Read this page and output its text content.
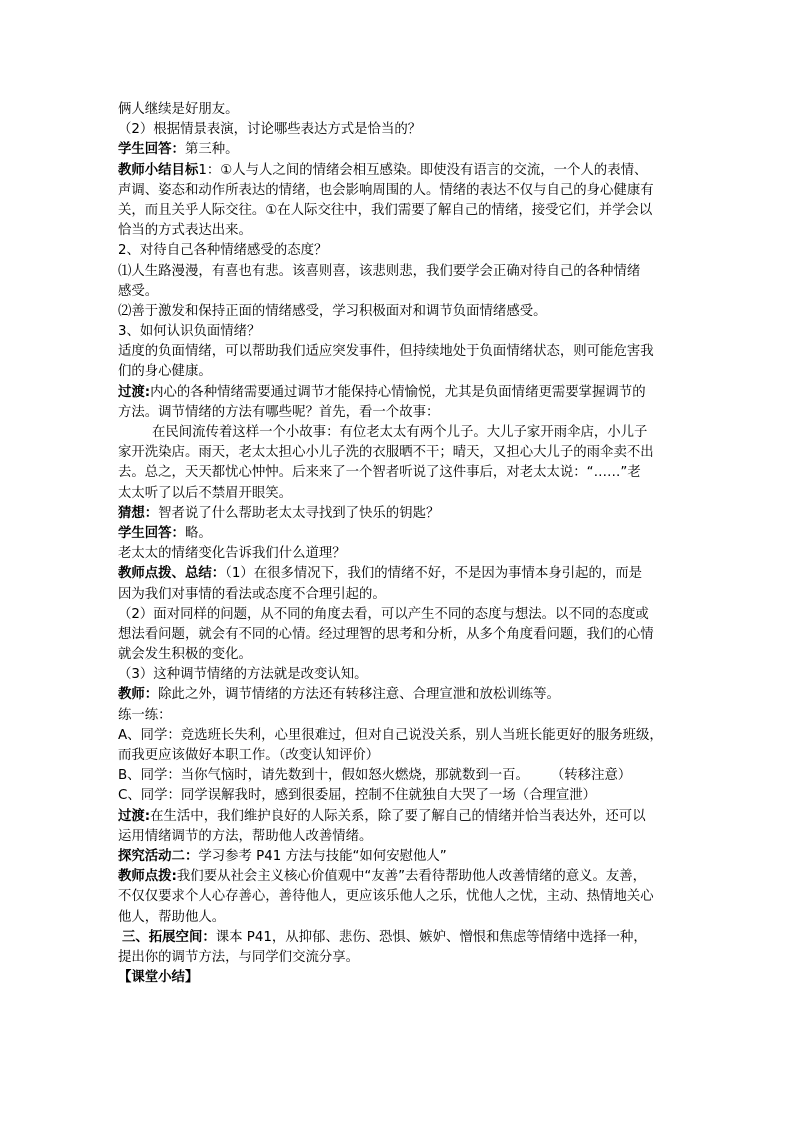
俩人继续是好朋友。
（2）根据情景表演，讨论哪些表达方式是恰当的？
学生回答：第三种。
教师小结目标1：①人与人之间的情绪会相互感染。即使没有语言的交流，一个人的表情、
声调、姿态和动作所表达的情绪，也会影响周围的人。情绪的表达不仅与自己的身心健康有
关，而且关乎人际交往。①在人际交往中，我们需要了解自己的情绪，接受它们，并学会以
恰当的方式表达出来。
2、对待自己各种情绪感受的态度？
⑴人生路漫漫，有喜也有悲。该喜则喜，该悲则悲，我们要学会正确对待自己的各种情绪
感受。
⑵善于激发和保持正面的情绪感受，学习积极面对和调节负面情绪感受。
3、如何认识负面情绪？
适度的负面情绪，可以帮助我们适应突发事件，但持续地处于负面情绪状态，则可能危害我
们的身心健康。
过渡:内心的各种情绪需要通过调节才能保持心情愉悦，尤其是负面情绪更需要掌握调节的
方法。调节情绪的方法有哪些呢？首先，看一个故事：
在民间流传着这样一个小故事：有位老太太有两个儿子。大儿子家开雨伞店，小儿子
家开洗染店。雨天，老太太担心小儿子洗的衣服晒不干；晴天，又担心大儿子的雨伞卖不出
去。总之，天天都忧心忡忡。后来来了一个智者听说了这件事后，对老太太说：“……”老
太太听了以后不禁眉开眼笑。
猜想：智者说了什么帮助老太太寻找到了快乐的钥匙？
学生回答：略。
老太太的情绪变化告诉我们什么道理？
教师点拨、总结：（1）在很多情况下，我们的情绪不好，不是因为事情本身引起的，而是
因为我们对事情的看法或态度不合理引起的。
（2）面对同样的问题，从不同的角度去看，可以产生不同的态度与想法。以不同的态度或
想法看问题，就会有不同的心情。经过理智的思考和分析，从多个角度看问题，我们的心情
就会发生积极的变化。
（3）这种调节情绪的方法就是改变认知。
教师：除此之外，调节情绪的方法还有转移注意、合理宣泄和放松训练等。
练一练：
A、同学：竞选班长失利，心里很难过，但对自己说没关系，别人当班长能更好的服务班级，
而我更应该做好本职工作。（改变认知评价）
B、同学：当你气恼时，请先数到十，假如怒火燃烧，那就数到一百。 （转移注意）
C、同学：同学误解我时，感到很委屈，控制不住就独自大哭了一场（合理宣泄）
过渡:在生活中，我们维护良好的人际关系，除了要了解自己的情绪并恰当表达外，还可以
运用情绪调节的方法，帮助他人改善情绪。
探究活动二：学习参考 P41 方法与技能“如何安慰他人”
教师点拨:我们要从社会主义核心价值观中“友善”去看待帮助他人改善情绪的意义。友善，
不仅仅要求个人心存善心，善待他人，更应该乐他人之乐，忧他人之忧，主动、热情地关心
他人，帮助他人。
三、拓展空间：课本 P41，从抑郁、悲伤、恐惧、嫉妒、憎恨和焦虑等情绪中选择一种，
提出你的调节方法，与同学们交流分享。
【课堂小结】
